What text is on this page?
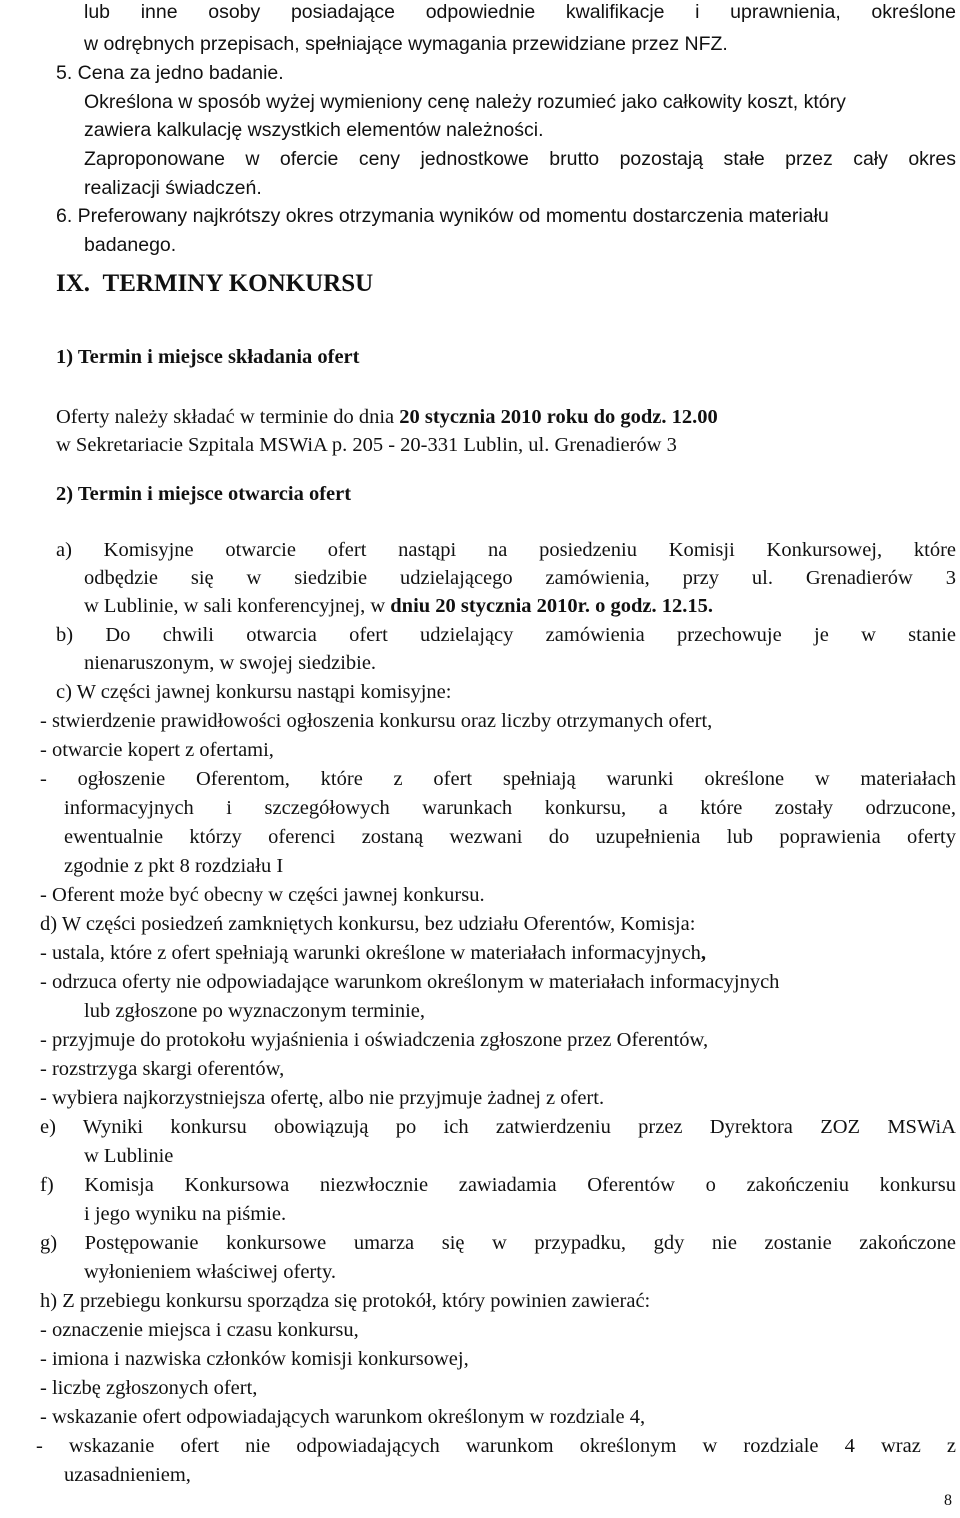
lub inne osoby posiadające odpowiednie kwalifikacje i uprawnienia, określone
w odrębnych przepisach, spełniające wymagania przewidziane przez NFZ.
5. Cena za jedno badanie.
Określona w sposób wyżej wymieniony cenę należy rozumieć jako całkowity koszt, który
zawiera kalkulację wszystkich elementów należności.
Zaproponowane w ofercie ceny jednostkowe brutto pozostają stałe przez cały okres
realizacji świadczeń.
6. Preferowany najkrótszy okres otrzymania wyników od momentu dostarczenia materiału
badanego.
IX. TERMINY KONKURSU
1) Termin i miejsce składania ofert
Oferty należy składać w terminie do dnia 20 stycznia 2010 roku do godz. 12.00
w Sekretariacie Szpitala MSWiA p. 205 - 20-331 Lublin, ul. Grenadierów 3
2) Termin i miejsce otwarcia ofert
a) Komisyjne otwarcie ofert nastąpi na posiedzeniu Komisji Konkursowej, które
odbędzie się w siedzibie udzielającego zamówienia, przy ul. Grenadierów 3
w Lublinie, w sali konferencyjnej, w dniu 20 stycznia 2010r. o godz. 12.15.
b) Do chwili otwarcia ofert udzielający zamówienia przechowuje je w stanie
nienaruszonym, w swojej siedzibie.
c) W części jawnej konkursu nastąpi komisyjne:
- stwierdzenie prawidłowości ogłoszenia konkursu oraz liczby otrzymanych ofert,
- otwarcie kopert z ofertami,
- ogłoszenie Oferentom, które z ofert spełniają warunki określone w materiałach
informacyjnych i szczegółowych warunkach konkursu, a które zostały odrzucone,
ewentualnie którzy oferenci zostaną wezwani do uzupełnienia lub poprawienia oferty
zgodnie z pkt 8 rozdziału I
- Oferent może być obecny w części jawnej konkursu.
d) W części posiedzeń zamkniętych konkursu, bez udziału Oferentów, Komisja:
- ustala, które z ofert spełniają warunki określone w materiałach informacyjnych,
- odrzuca oferty nie odpowiadające warunkom określonym w materiałach informacyjnych
lub zgłoszone po wyznaczonym terminie,
- przyjmuje do protokołu wyjaśnienia i oświadczenia zgłoszone przez Oferentów,
- rozstrzyga skargi oferentów,
- wybiera najkorzystniejsza ofertę, albo nie przyjmuje żadnej z ofert.
e) Wyniki konkursu obowiązują po ich zatwierdzeniu przez Dyrektora ZOZ MSWiA
w Lublinie
f) Komisja Konkursowa niezwłocznie zawiadamia Oferentów o zakończeniu konkursu
i jego wyniku na piśmie.
g) Postępowanie konkursowe umarza się w przypadku, gdy nie zostanie zakończone
wyłonieniem właściwej oferty.
h) Z przebiegu konkursu sporządza się protokół, który powinien zawierać:
- oznaczenie miejsca i czasu konkursu,
- imiona i nazwiska członków komisji konkursowej,
- liczbę zgłoszonych ofert,
- wskazanie ofert odpowiadających warunkom określonym w rozdziale 4,
- wskazanie ofert nie odpowiadających warunkom określonym w rozdziale 4 wraz z
uzasadnieniem,
8
